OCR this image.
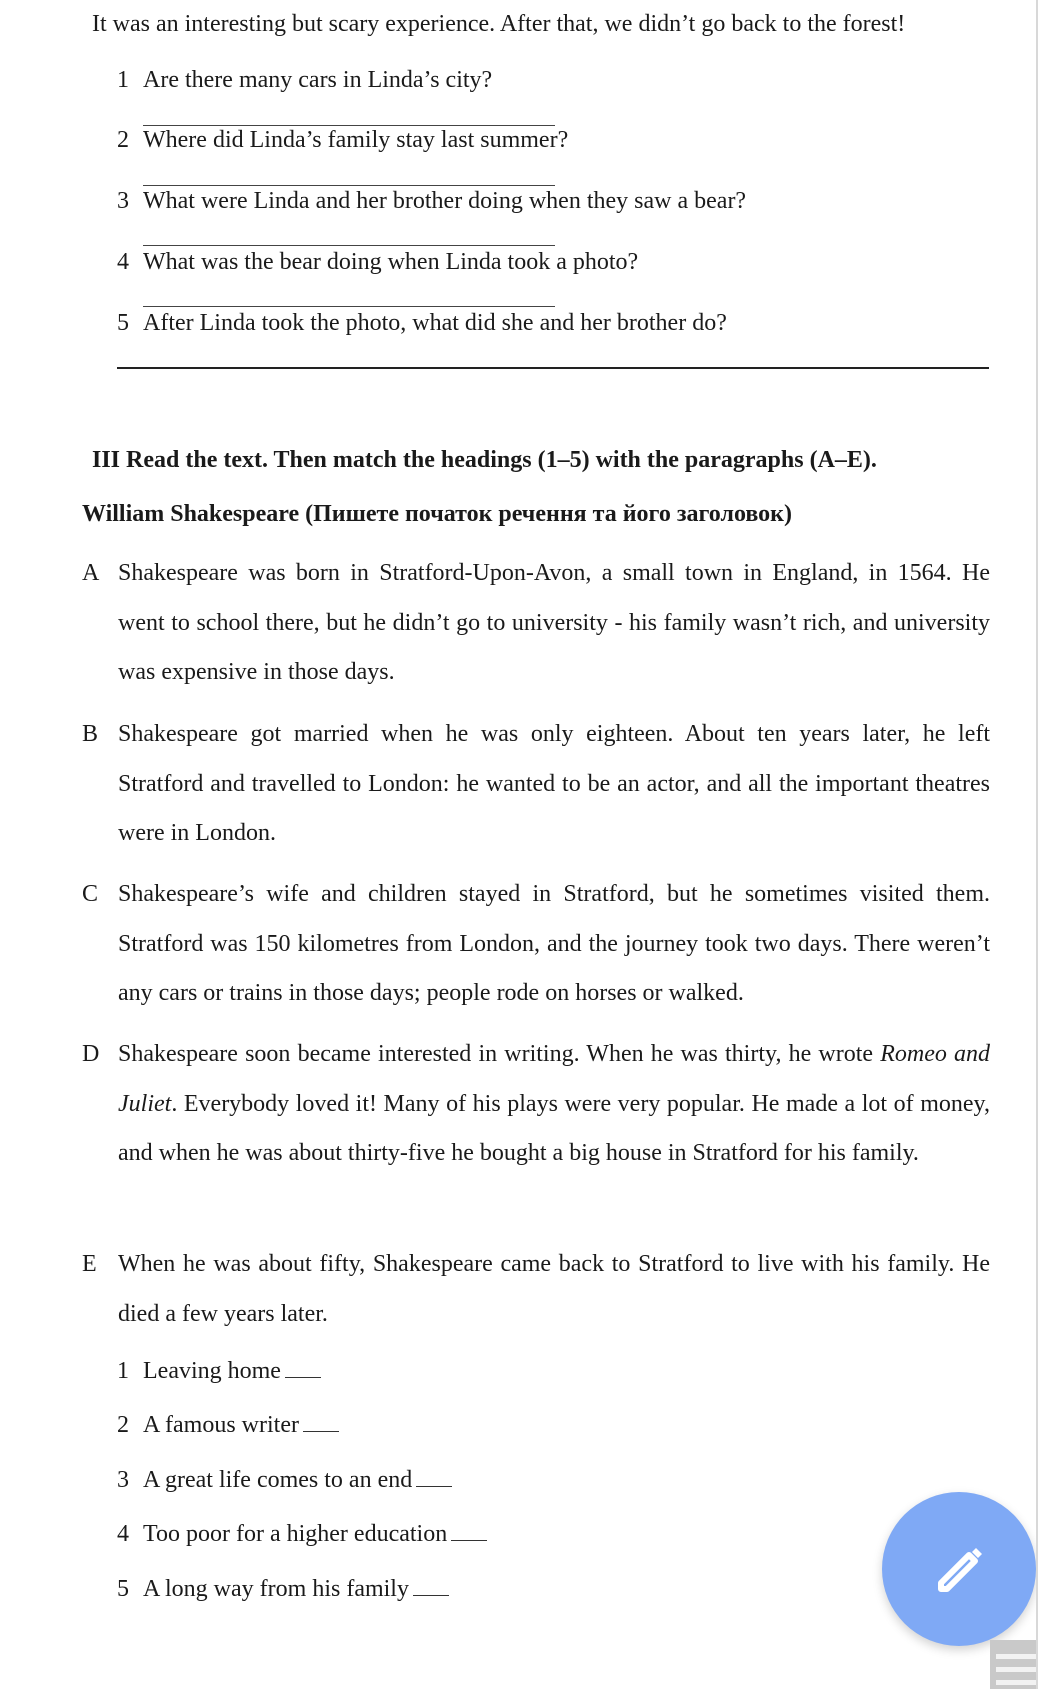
It was an interesting but scary experience. After that, we didn’t go back to the forest!
1 Are there many cars in Linda’s city?
2 Where did Linda’s family stay last summer?
3 What were Linda and her brother doing when they saw a bear?
4 What was the bear doing when Linda took a photo?
5 After Linda took the photo, what did she and her brother do?
III Read the text. Then match the headings (1–5) with the paragraphs (A–E).
William Shakespeare (Пишете початок речення та його заголовок)
A Shakespeare was born in Stratford-Upon-Avon, a small town in England, in 1564. He went to school there, but he didn’t go to university - his family wasn’t rich, and university was expensive in those days.
B Shakespeare got married when he was only eighteen. About ten years later, he left Stratford and travelled to London: he wanted to be an actor, and all the important theatres were in London.
C Shakespeare’s wife and children stayed in Stratford, but he sometimes visited them. Stratford was 150 kilometres from London, and the journey took two days. There weren’t any cars or trains in those days; people rode on horses or walked.
D Shakespeare soon became interested in writing. When he was thirty, he wrote Romeo and Juliet. Everybody loved it! Many of his plays were very popular. He made a lot of money, and when he was about thirty-five he bought a big house in Stratford for his family.
E When he was about fifty, Shakespeare came back to Stratford to live with his family. He died a few years later.
1 Leaving home
2 A famous writer
3 A great life comes to an end
4 Too poor for a higher education
5 A long way from his family
